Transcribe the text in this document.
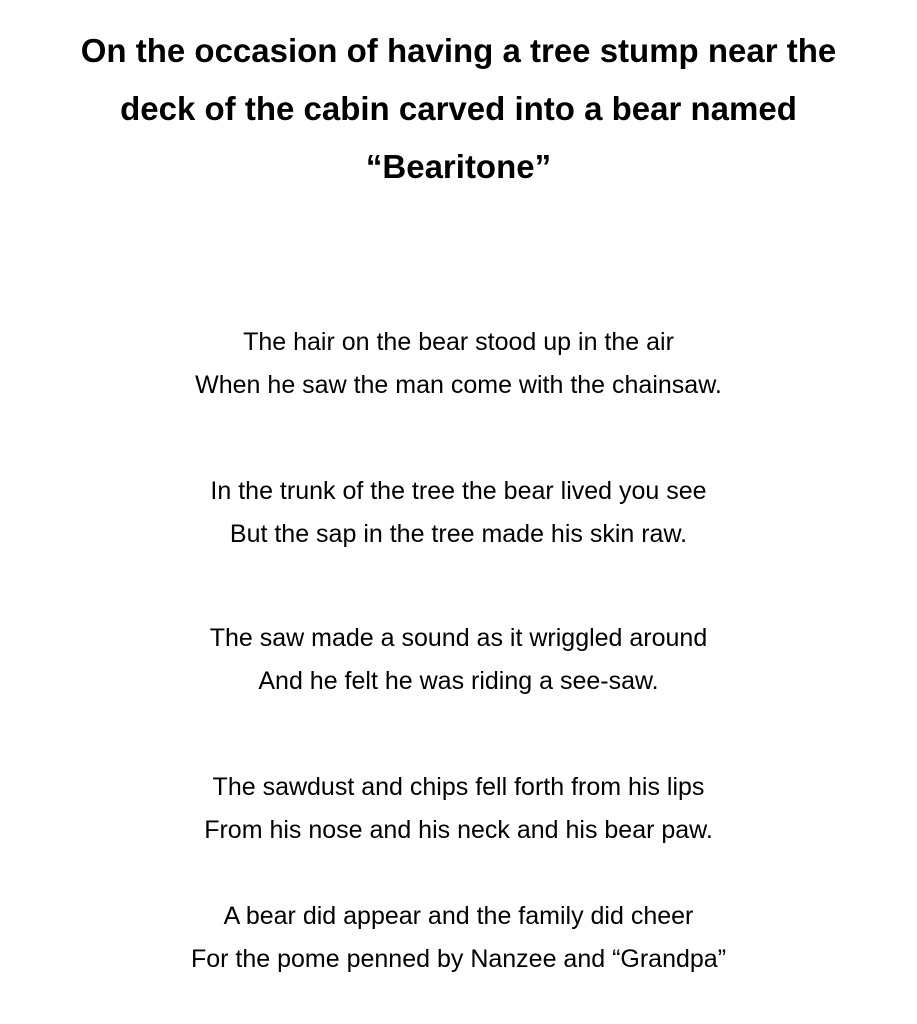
On the occasion of having a tree stump near the
deck of the cabin carved into a bear named
“Bearitone”
The hair on the bear stood up in the air
When he saw the man come with the chainsaw.
In the trunk of the tree the bear lived you see
But the sap in the tree made his skin raw.
The saw made a sound as it wriggled around
And he felt he was riding a see-saw.
The sawdust and chips fell forth from his lips
From his nose and his neck and his bear paw.
A bear did appear and the family did cheer
For the pome penned by Nanzee and “Grandpa”
